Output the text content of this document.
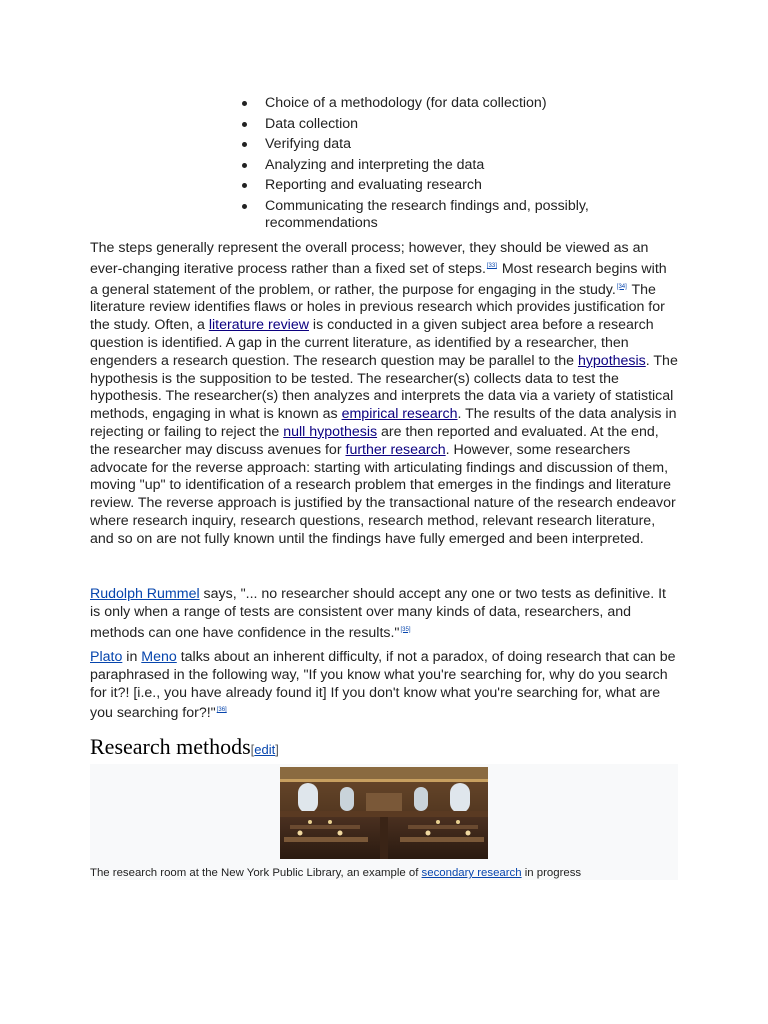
Choice of a methodology (for data collection)
Data collection
Verifying data
Analyzing and interpreting the data
Reporting and evaluating research
Communicating the research findings and, possibly, recommendations

The steps generally represent the overall process; however, they should be viewed as an ever-changing iterative process rather than a fixed set of steps.[33] Most research begins with a general statement of the problem, or rather, the purpose for engaging in the study.[34] The literature review identifies flaws or holes in previous research which provides justification for the study. Often, a literature review is conducted in a given subject area before a research question is identified. A gap in the current literature, as identified by a researcher, then engenders a research question. The research question may be parallel to the hypothesis. The hypothesis is the supposition to be tested. The researcher(s) collects data to test the hypothesis. The researcher(s) then analyzes and interprets the data via a variety of statistical methods, engaging in what is known as empirical research. The results of the data analysis in rejecting or failing to reject the null hypothesis are then reported and evaluated. At the end, the researcher may discuss avenues for further research. However, some researchers advocate for the reverse approach: starting with articulating findings and discussion of them, moving "up" to identification of a research problem that emerges in the findings and literature review. The reverse approach is justified by the transactional nature of the research endeavor where research inquiry, research questions, research method, relevant research literature, and so on are not fully known until the findings have fully emerged and been interpreted.

Rudolph Rummel says, "... no researcher should accept any one or two tests as definitive. It is only when a range of tests are consistent over many kinds of data, researchers, and methods can one have confidence in the results."[35]

Plato in Meno talks about an inherent difficulty, if not a paradox, of doing research that can be paraphrased in the following way, "If you know what you're searching for, why do you search for it?! [i.e., you have already found it] If you don't know what you're searching for, what are you searching for?!"[36]

Research methods[edit]
The research room at the New York Public Library, an example of secondary research in progress
